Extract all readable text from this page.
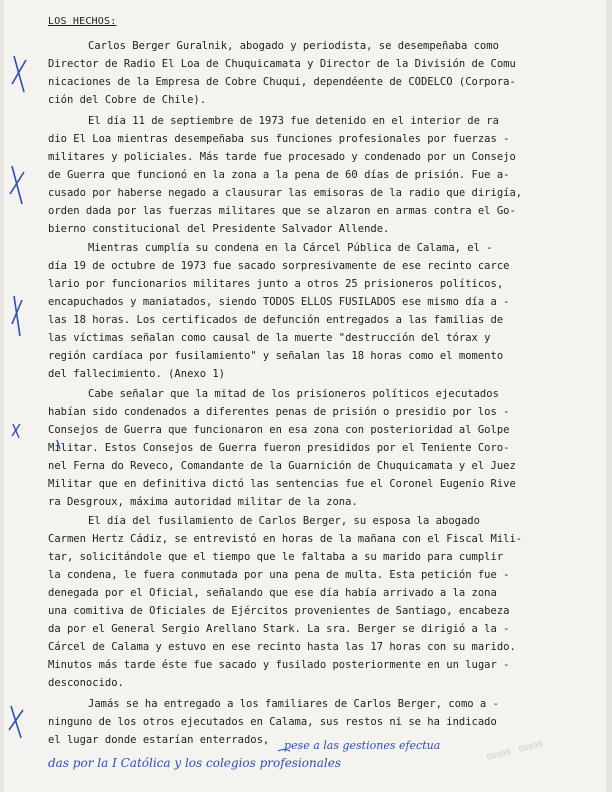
LOS HECHOS:
Carlos Berger Guralnik, abogado y periodista, se desempeñaba como
Director de Radio El Loa de Chuquicamata y Director de la División de Comu
nicaciones de la Empresa de Cobre Chuqui, dependéente de CODELCO (Corpora-
ción del Cobre de Chile).
El día 11 de septiembre de 1973 fue detenido en el interior de ra
dio El Loa mientras desempeñaba sus funciones profesionales por fuerzas -
militares y policiales. Más tarde fue procesado y condenado por un Consejo
de Guerra que funcionó en la zona a la pena de 60 días de prisión. Fue a-
cusado por haberse negado a clausurar las emisoras de la radio que dirigía,
orden dada por las fuerzas militares que se alzaron en armas contra el Go-
bierno constitucional del Presidente Salvador Allende.
Mientras cumplía su condena en la Cárcel Pública de Calama, el -
día 19 de octubre de 1973 fue sacado sorpresivamente de ese recinto carce
lario por funcionarios militares junto a otros 25 prisioneros políticos,
encapuchados y maniatados, siendo TODOS ELLOS FUSILADOS ese mismo día a -
las 18 horas. Los certificados de defunción entregados a las familias de
las víctimas señalan como causal de la muerte "destrucción del tórax y
región cardíaca por fusilamiento" y señalan las 18 horas como el momento
del fallecimiento. (Anexo 1)
Cabe señalar que la mitad de los prisioneros políticos ejecutados
habían sido condenados a diferentes penas de prisión o presidio por los -
Consejos de Guerra que funcionaron en esa zona con posterioridad al Golpe
Militar. Estos Consejos de Guerra fueron presididos por el Teniente Coro-
nel Ferna do Reveco, Comandante de la Guarnición de Chuquicamata y el Juez
Militar que en definitiva dictó las sentencias fue el Coronel Eugenio Rive
ra Desgroux, máxima autoridad militar de la zona.
El día del fusilamiento de Carlos Berger, su esposa la abogado
Carmen Hertz Cádiz, se entrevistó en horas de la mañana con el Fiscal Mili-
tar, solicitándole que el tiempo que le faltaba a su marido para cumplir
la condena, le fuera conmutada por una pena de multa. Esta petición fue -
denegada por el Oficial, señalando que ese día había arrivado a la zona
una comitiva de Oficiales de Ejércitos provenientes de Santiago, encabeza
da por el General Sergio Arellano Stark. La sra. Berger se dirigió a la -
Cárcel de Calama y estuvo en ese recinto hasta las 17 horas con su marido.
Minutos más tarde éste fue sacado y fusilado posteriormente en un lugar -
desconocido.
Jamás se ha entregado a los familiares de Carlos Berger, como a -
ninguno de los otros ejecutados en Calama, sus restos ni se ha indicado
el lugar donde estarían enterrados, pese a las gestiones efectua
das por la I Católica y los colegios profesionales
00006 · 00006
